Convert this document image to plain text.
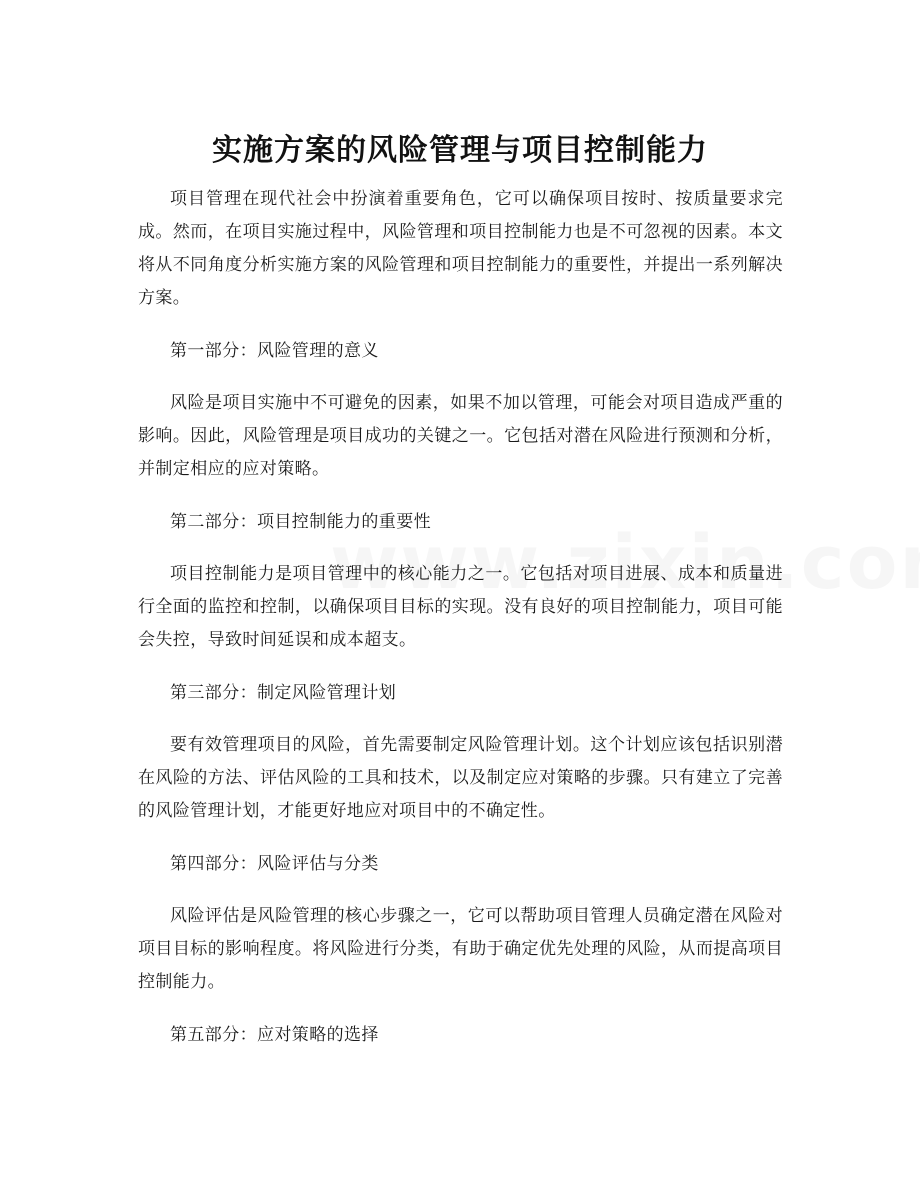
实施方案的风险管理与项目控制能力

项目管理在现代社会中扮演着重要角色，它可以确保项目按时、按质量要求完成。然而，在项目实施过程中，风险管理和项目控制能力也是不可忽视的因素。本文将从不同角度分析实施方案的风险管理和项目控制能力的重要性，并提出一系列解决方案。

第一部分：风险管理的意义

风险是项目实施中不可避免的因素，如果不加以管理，可能会对项目造成严重的影响。因此，风险管理是项目成功的关键之一。它包括对潜在风险进行预测和分析，并制定相应的应对策略。

第二部分：项目控制能力的重要性

项目控制能力是项目管理中的核心能力之一。它包括对项目进展、成本和质量进行全面的监控和控制，以确保项目目标的实现。没有良好的项目控制能力，项目可能会失控，导致时间延误和成本超支。

第三部分：制定风险管理计划

要有效管理项目的风险，首先需要制定风险管理计划。这个计划应该包括识别潜在风险的方法、评估风险的工具和技术，以及制定应对策略的步骤。只有建立了完善的风险管理计划，才能更好地应对项目中的不确定性。

第四部分：风险评估与分类

风险评估是风险管理的核心步骤之一，它可以帮助项目管理人员确定潜在风险对项目目标的影响程度。将风险进行分类，有助于确定优先处理的风险，从而提高项目控制能力。

第五部分：应对策略的选择
